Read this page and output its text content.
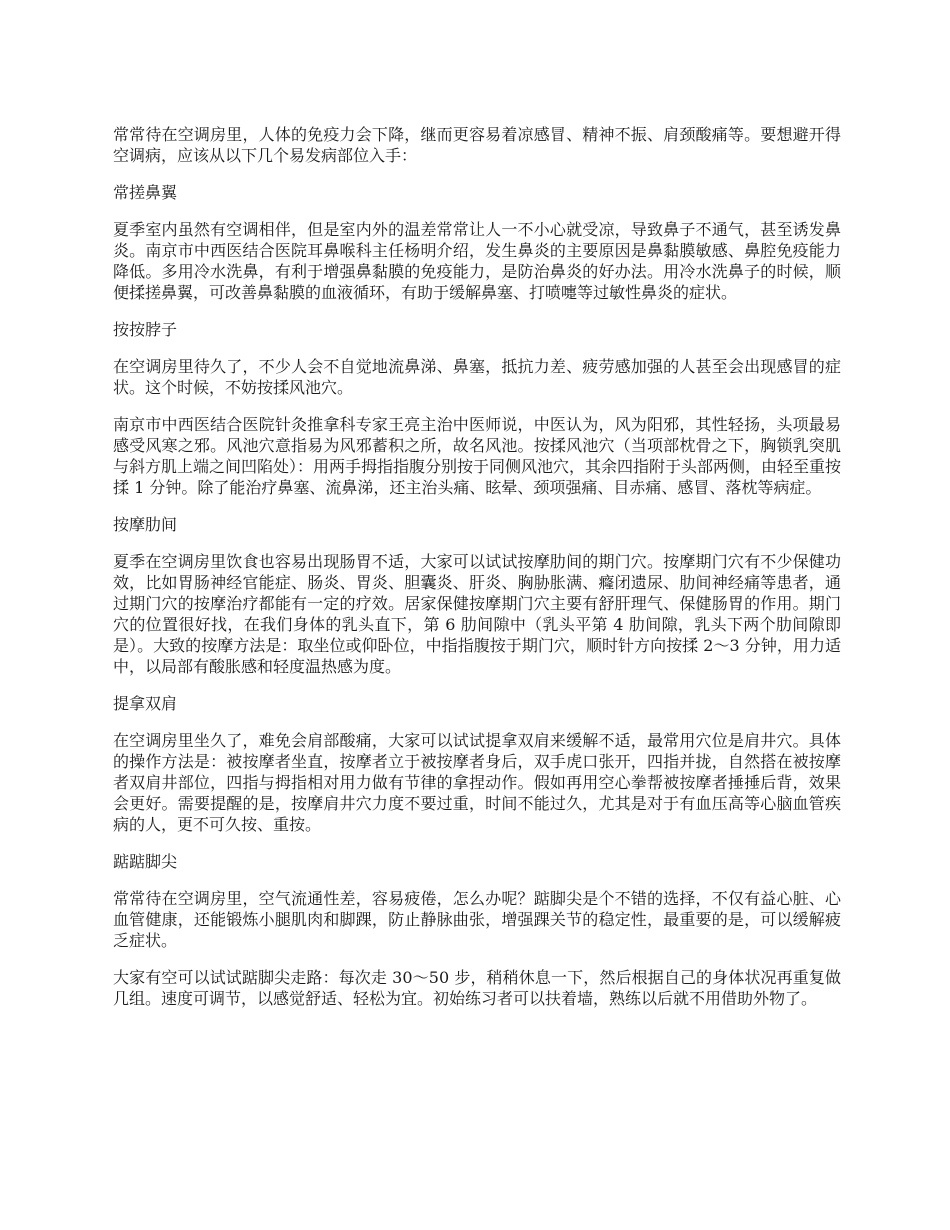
常常待在空调房里，人体的免疫力会下降，继而更容易着凉感冒、精神不振、肩颈酸痛等。要想避开得空调病，应该从以下几个易发病部位入手：

常搓鼻翼

夏季室内虽然有空调相伴，但是室内外的温差常常让人一不小心就受凉，导致鼻子不通气，甚至诱发鼻炎。南京市中西医结合医院耳鼻喉科主任杨明介绍，发生鼻炎的主要原因是鼻黏膜敏感、鼻腔免疫能力降低。多用冷水洗鼻，有利于增强鼻黏膜的免疫能力，是防治鼻炎的好办法。用冷水洗鼻子的时候，顺便揉搓鼻翼，可改善鼻黏膜的血液循环，有助于缓解鼻塞、打喷嚏等过敏性鼻炎的症状。

按按脖子

在空调房里待久了，不少人会不自觉地流鼻涕、鼻塞，抵抗力差、疲劳感加强的人甚至会出现感冒的症状。这个时候，不妨按揉风池穴。

南京市中西医结合医院针灸推拿科专家王亮主治中医师说，中医认为，风为阳邪，其性轻扬，头项最易感受风寒之邪。风池穴意指易为风邪蓄积之所，故名风池。按揉风池穴（当项部枕骨之下，胸锁乳突肌与斜方肌上端之间凹陷处）：用两手拇指指腹分别按于同侧风池穴，其余四指附于头部两侧，由轻至重按揉 1 分钟。除了能治疗鼻塞、流鼻涕，还主治头痛、眩晕、颈项强痛、目赤痛、感冒、落枕等病症。

按摩肋间

夏季在空调房里饮食也容易出现肠胃不适，大家可以试试按摩肋间的期门穴。按摩期门穴有不少保健功效，比如胃肠神经官能症、肠炎、胃炎、胆囊炎、肝炎、胸胁胀满、癃闭遗尿、肋间神经痛等患者，通过期门穴的按摩治疗都能有一定的疗效。居家保健按摩期门穴主要有舒肝理气、保健肠胃的作用。期门穴的位置很好找，在我们身体的乳头直下，第 6 肋间隙中（乳头平第 4 肋间隙，乳头下两个肋间隙即是）。大致的按摩方法是：取坐位或仰卧位，中指指腹按于期门穴，顺时针方向按揉 2～3 分钟，用力适中，以局部有酸胀感和轻度温热感为度。

提拿双肩

在空调房里坐久了，难免会肩部酸痛，大家可以试试提拿双肩来缓解不适，最常用穴位是肩井穴。具体的操作方法是：被按摩者坐直，按摩者立于被按摩者身后，双手虎口张开，四指并拢，自然搭在被按摩者双肩井部位，四指与拇指相对用力做有节律的拿捏动作。假如再用空心拳帮被按摩者捶捶后背，效果会更好。需要提醒的是，按摩肩井穴力度不要过重，时间不能过久，尤其是对于有血压高等心脑血管疾病的人，更不可久按、重按。

踮踮脚尖

常常待在空调房里，空气流通性差，容易疲倦，怎么办呢？踮脚尖是个不错的选择，不仅有益心脏、心血管健康，还能锻炼小腿肌肉和脚踝，防止静脉曲张，增强踝关节的稳定性，最重要的是，可以缓解疲乏症状。

大家有空可以试试踮脚尖走路：每次走 30～50 步，稍稍休息一下，然后根据自己的身体状况再重复做几组。速度可调节，以感觉舒适、轻松为宜。初始练习者可以扶着墙，熟练以后就不用借助外物了。
